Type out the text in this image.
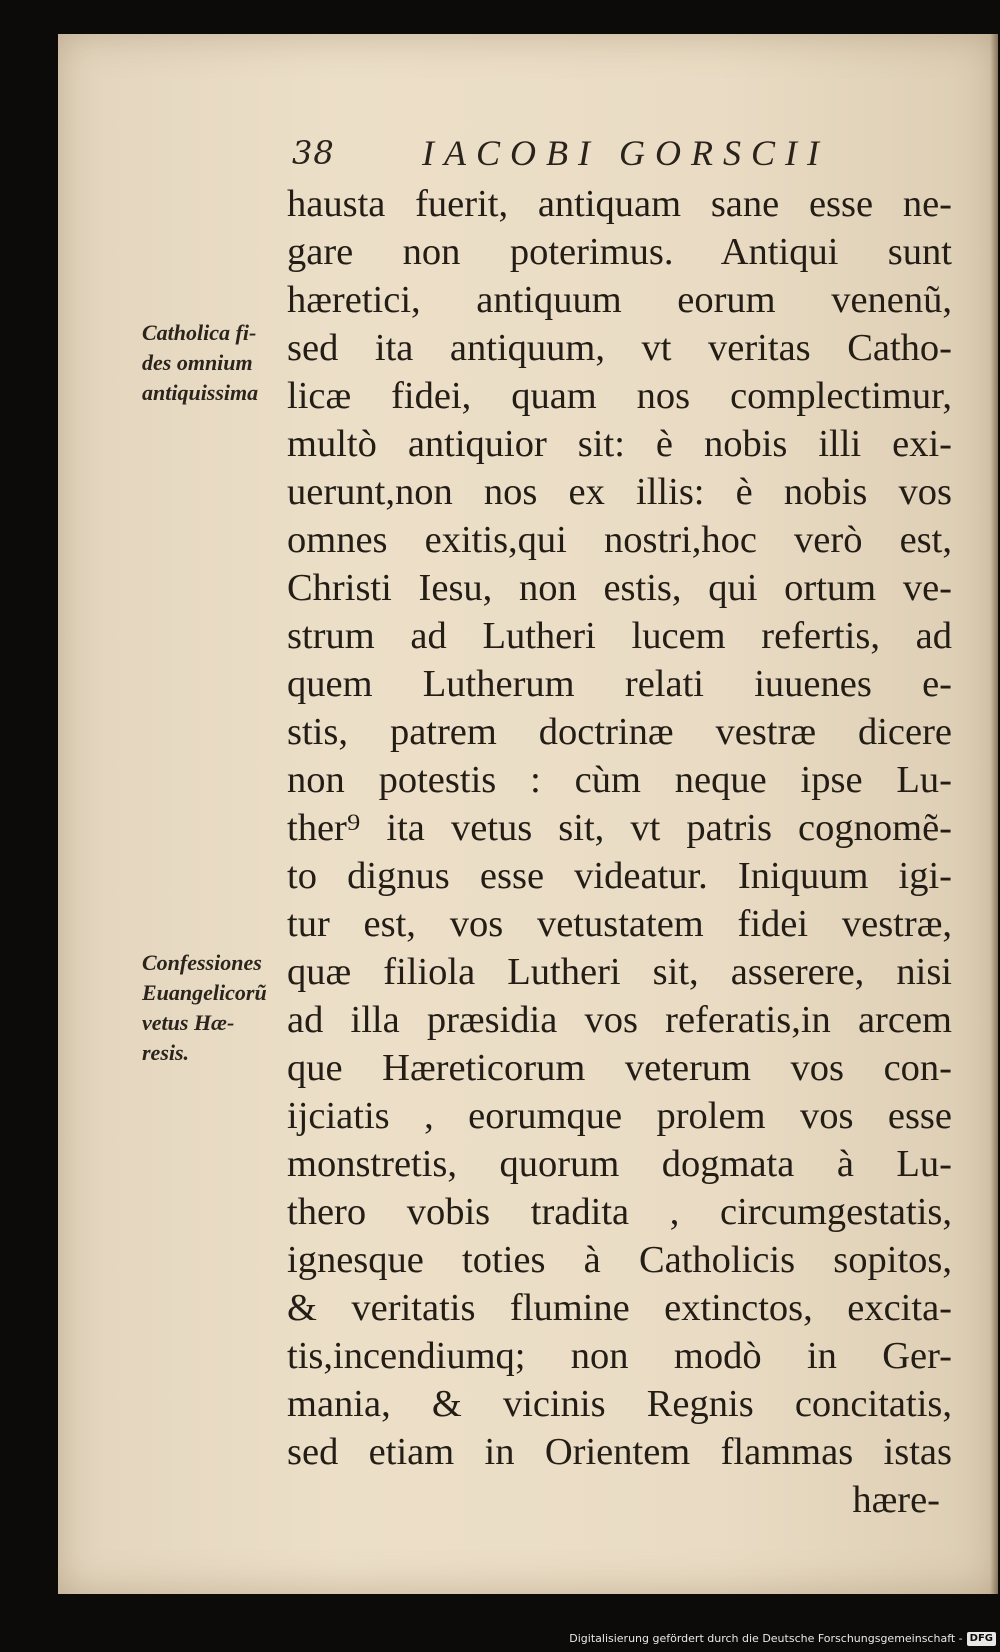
38 IACOBI GORSCII
Catholica fi-
des omnium
antiquissima
Confessiones
Euangelicorũ
vetus Hæ-
resis.
hausta fuerit, antiquam sane esse ne-
gare non poterimus. Antiqui sunt
hæretici, antiquum eorum venenũ,
sed ita antiquum, vt veritas Catho-
licæ fidei, quam nos complectimur,
multò antiquior sit: è nobis illi exi-
uerunt,non nos ex illis: è nobis vos
omnes exitis,qui nostri,hoc verò est,
Christi Iesu, non estis, qui ortum ve-
strum ad Lutheri lucem refertis, ad
quem Lutherum relati iuuenes e-
stis, patrem doctrinæ vestræ dicere
non potestis : cùm neque ipse Lu-
ther⁹ ita vetus sit, vt patris cognomẽ-
to dignus esse videatur. Iniquum igi-
tur est, vos vetustatem fidei vestræ,
quæ filiola Lutheri sit, asserere, nisi
ad illa præsidia vos referatis,in arcem
que Hæreticorum veterum vos con-
ijciatis , eorumque prolem vos esse
monstretis, quorum dogmata à Lu-
thero vobis tradita , circumgestatis,
ignesque toties à Catholicis sopitos,
& veritatis flumine extinctos, excita-
tis,incendiumq; non modò in Ger-
mania, & vicinis Regnis concitatis,
sed etiam in Orientem flammas istas
hære-
Digitalisierung gefördert durch die Deutsche Forschungsgemeinschaft - DFG
